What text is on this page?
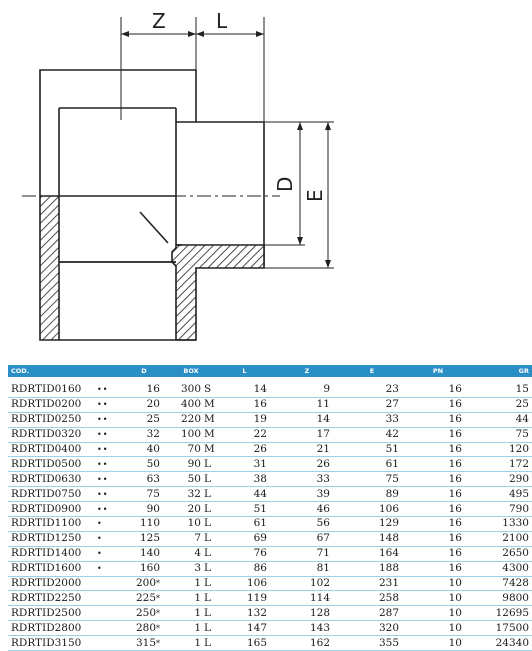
Z	L
D
E
COD.		D	BOX	L	Z	E	PN	GR
RDRTID0160	••	16	300 S	14	9	23	16	15
RDRTID0200	••	20	400 M	16	11	27	16	25
RDRTID0250	••	25	220 M	19	14	33	16	44
RDRTID0320	••	32	100 M	22	17	42	16	75
RDRTID0400	••	40	70 M	26	21	51	16	120
RDRTID0500	••	50	90 L	31	26	61	16	172
RDRTID0630	••	63	50 L	38	33	75	16	290
RDRTID0750	••	75	32 L	44	39	89	16	495
RDRTID0900	••	90	20 L	51	46	106	16	790
RDRTID1100	•	110	10 L	61	56	129	16	1330
RDRTID1250	•	125	7 L	69	67	148	16	2100
RDRTID1400	•	140	4 L	76	71	164	16	2650
RDRTID1600	•	160	3 L	86	81	188	16	4300
RDRTID2000		200*	1 L	106	102	231	10	7428
RDRTID2250		225*	1 L	119	114	258	10	9800
RDRTID2500		250*	1 L	132	128	287	10	12695
RDRTID2800		280*	1 L	147	143	320	10	17500
RDRTID3150		315*	1 L	165	162	355	10	24340
